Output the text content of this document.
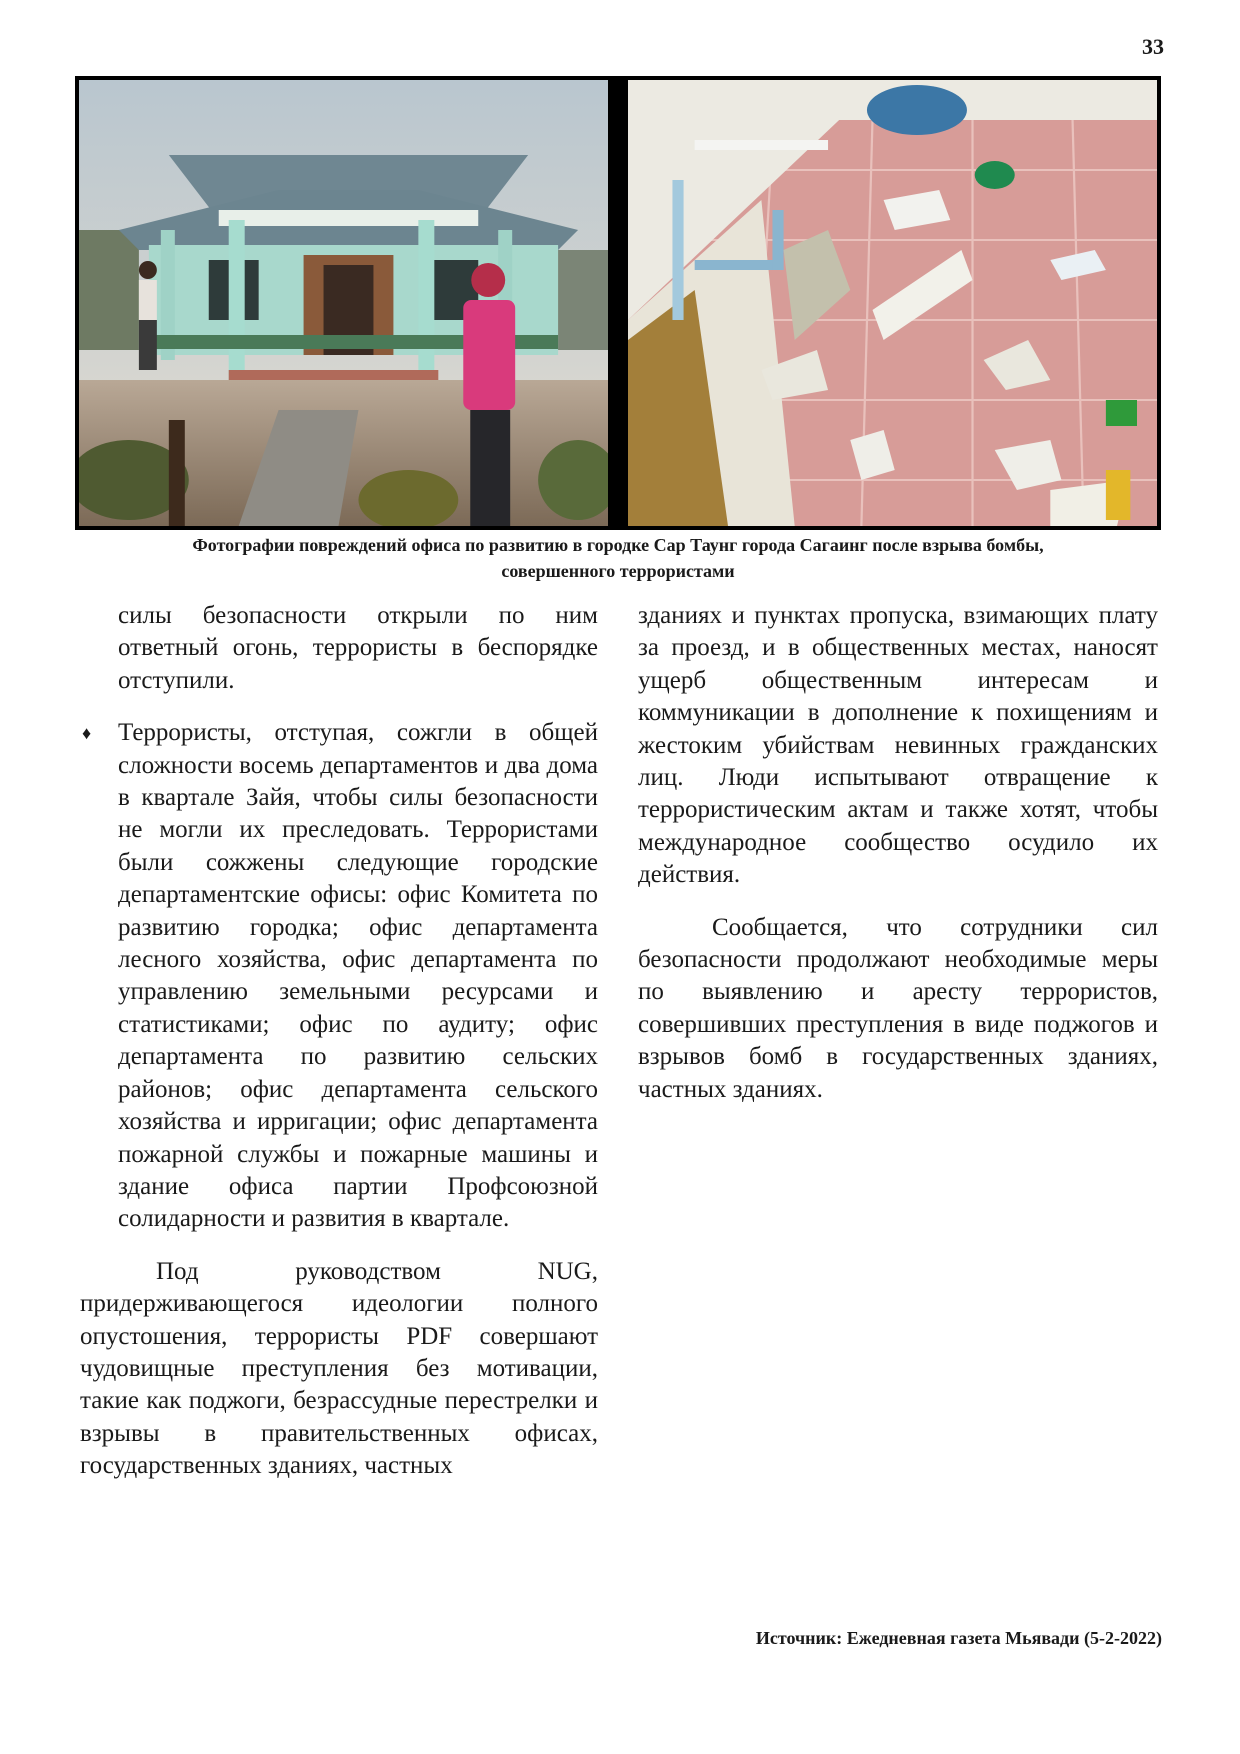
33
Фотографии повреждений офиса по развитию в городке Сар Таунг города Сагаинг после взрыва бомбы,
совершенного террористами

силы безопасности открыли по ним ответный огонь, террористы в беспорядке отступили.

♦ Террористы, отступая, сожгли в общей сложности восемь департаментов и два дома в квартале Зайя, чтобы силы безопасности не могли их преследовать. Террористами были сожжены следующие городские департаментские офисы: офис Комитета по развитию городка; офис департамента лесного хозяйства, офис департамента по управлению земельными ресурсами и статистиками; офис по аудиту; офис департамента по развитию сельских районов; офис департамента сельского хозяйства и ирригации; офис департамента пожарной службы и пожарные машины и здание офиса партии Профсоюзной солидарности и развития в квартале.

Под руководством NUG, придерживающегося идеологии полного опустошения, террористы PDF совершают чудовищные преступления без мотивации, такие как поджоги, безрассудные перестрелки и взрывы в правительственных офисах, государственных зданиях, частных

зданиях и пунктах пропуска, взимающих плату за проезд, и в общественных местах, наносят ущерб общественным интересам и коммуникации в дополнение к похищениям и жестоким убийствам невинных гражданских лиц. Люди испытывают отвращение к террористическим актам и также хотят, чтобы международное сообщество осудило их действия.

Сообщается, что сотрудники сил безопасности продолжают необходимые меры по выявлению и аресту террористов, совершивших преступления в виде поджогов и взрывов бомб в государственных зданиях, частных зданиях.

Источник: Ежедневная газета Мьявади (5-2-2022)
